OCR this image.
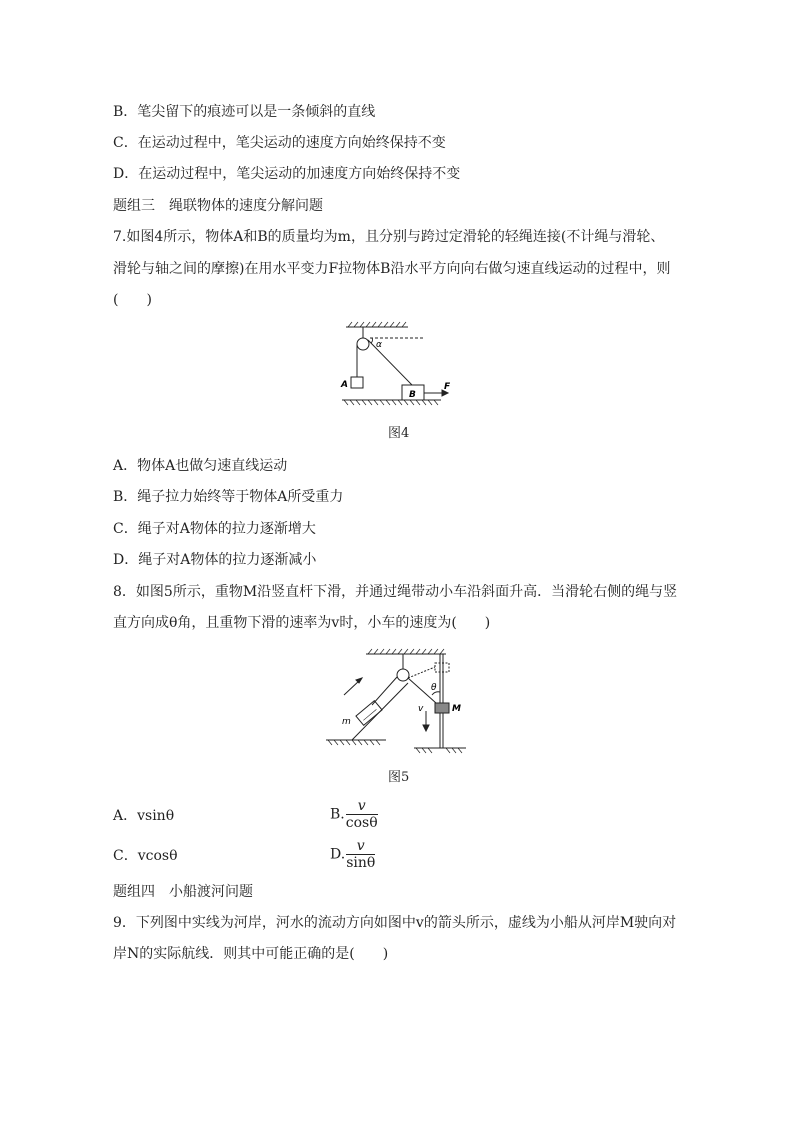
B．笔尖留下的痕迹可以是一条倾斜的直线
C．在运动过程中，笔尖运动的速度方向始终保持不变
D．在运动过程中，笔尖运动的加速度方向始终保持不变
题组三　绳联物体的速度分解问题
7.如图4所示，物体A和B的质量均为m，且分别与跨过定滑轮的轻绳连接(不计绳与滑轮、
滑轮与轴之间的摩擦)在用水平变力F拉物体B沿水平方向向右做匀速直线运动的过程中，则
(　　)
A
B
F
α
图4
A．物体A也做匀速直线运动
B．绳子拉力始终等于物体A所受重力
C．绳子对A物体的拉力逐渐增大
D．绳子对A物体的拉力逐渐减小
8．如图5所示，重物M沿竖直杆下滑，并通过绳带动小车沿斜面升高．当滑轮右侧的绳与竖
直方向成θ角，且重物下滑的速率为v时，小车的速度为(　　)
θ
v	M
m
图5
A．vsinθ	B. $\frac{v}{\cos\theta}$
C．vcosθ	D. $\frac{v}{\sin\theta}$
题组四　小船渡河问题
9．下列图中实线为河岸，河水的流动方向如图中v的箭头所示，虚线为小船从河岸M驶向对
岸N的实际航线．则其中可能正确的是(　　)
